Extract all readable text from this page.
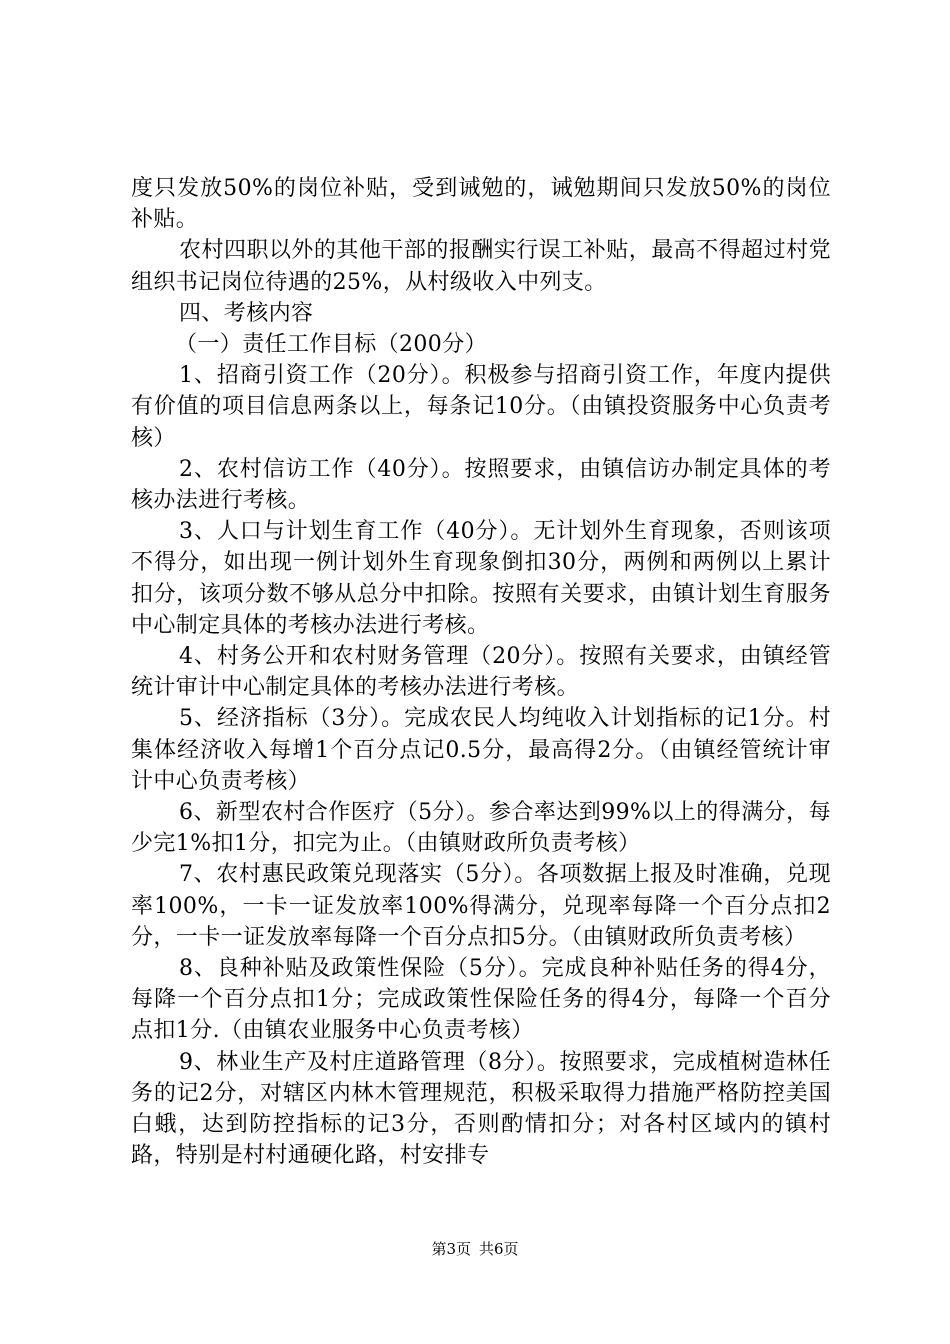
度只发放50%的岗位补贴，受到诫勉的，诫勉期间只发放50%的岗位补贴。

农村四职以外的其他干部的报酬实行误工补贴，最高不得超过村党组织书记岗位待遇的25%，从村级收入中列支。

四、考核内容

（一）责任工作目标（200分）

1、招商引资工作（20分）。积极参与招商引资工作，年度内提供有价值的项目信息两条以上，每条记10分。（由镇投资服务中心负责考核）

2、农村信访工作（40分）。按照要求，由镇信访办制定具体的考核办法进行考核。

3、人口与计划生育工作（40分）。无计划外生育现象，否则该项不得分，如出现一例计划外生育现象倒扣30分，两例和两例以上累计扣分，该项分数不够从总分中扣除。按照有关要求，由镇计划生育服务中心制定具体的考核办法进行考核。

4、村务公开和农村财务管理（20分）。按照有关要求，由镇经管统计审计中心制定具体的考核办法进行考核。

5、经济指标（3分）。完成农民人均纯收入计划指标的记1分。村集体经济收入每增1个百分点记0.5分，最高得2分。（由镇经管统计审计中心负责考核）

6、新型农村合作医疗（5分）。参合率达到99%以上的得满分，每少完1%扣1分，扣完为止。（由镇财政所负责考核）

7、农村惠民政策兑现落实（5分）。各项数据上报及时准确，兑现率100%，一卡一证发放率100%得满分，兑现率每降一个百分点扣2分，一卡一证发放率每降一个百分点扣5分。（由镇财政所负责考核）

8、良种补贴及政策性保险（5分）。完成良种补贴任务的得4分，每降一个百分点扣1分；完成政策性保险任务的得4分，每降一个百分点扣1分.（由镇农业服务中心负责考核）

9、林业生产及村庄道路管理（8分）。按照要求，完成植树造林任务的记2分，对辖区内林木管理规范，积极采取得力措施严格防控美国白蛾，达到防控指标的记3分，否则酌情扣分；对各村区域内的镇村路，特别是村村通硬化路，村安排专

第3页 共6页
